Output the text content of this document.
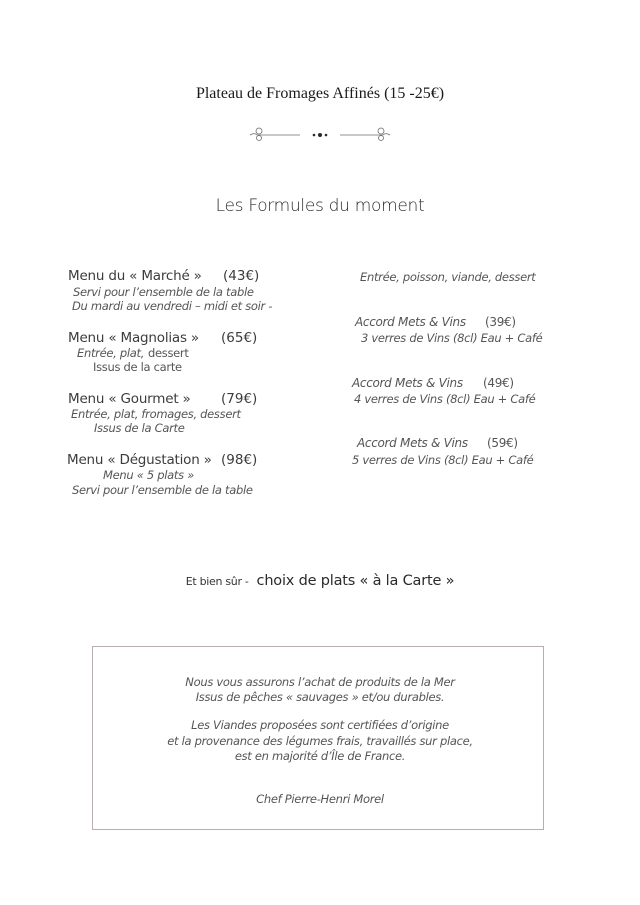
Plateau de Fromages Affinés (15 -25€)
Les Formules du moment
Menu du « Marché » (43€)
Servi pour l’ensemble de la table
Du mardi au vendredi – midi et soir -
Menu « Magnolias » (65€)
Entrée, plat, dessert
Issus de la carte
Menu « Gourmet » (79€)
Entrée, plat, fromages, dessert
Issus de la Carte
Menu « Dégustation » (98€)
Menu « 5 plats »
Servi pour l’ensemble de la table
Entrée, poisson, viande, dessert
Accord Mets & Vins (39€)
3 verres de Vins (8cl) Eau + Café
Accord Mets & Vins (49€)
4 verres de Vins (8cl) Eau + Café
Accord Mets & Vins (59€)
5 verres de Vins (8cl) Eau + Café
Et bien sûr - choix de plats « à la Carte »
Nous vous assurons l’achat de produits de la Mer
Issus de pêches « sauvages » et/ou durables.
Les Viandes proposées sont certifiées d’origine
et la provenance des légumes frais, travaillés sur place,
est en majorité d’Île de France.
Chef Pierre-Henri Morel
